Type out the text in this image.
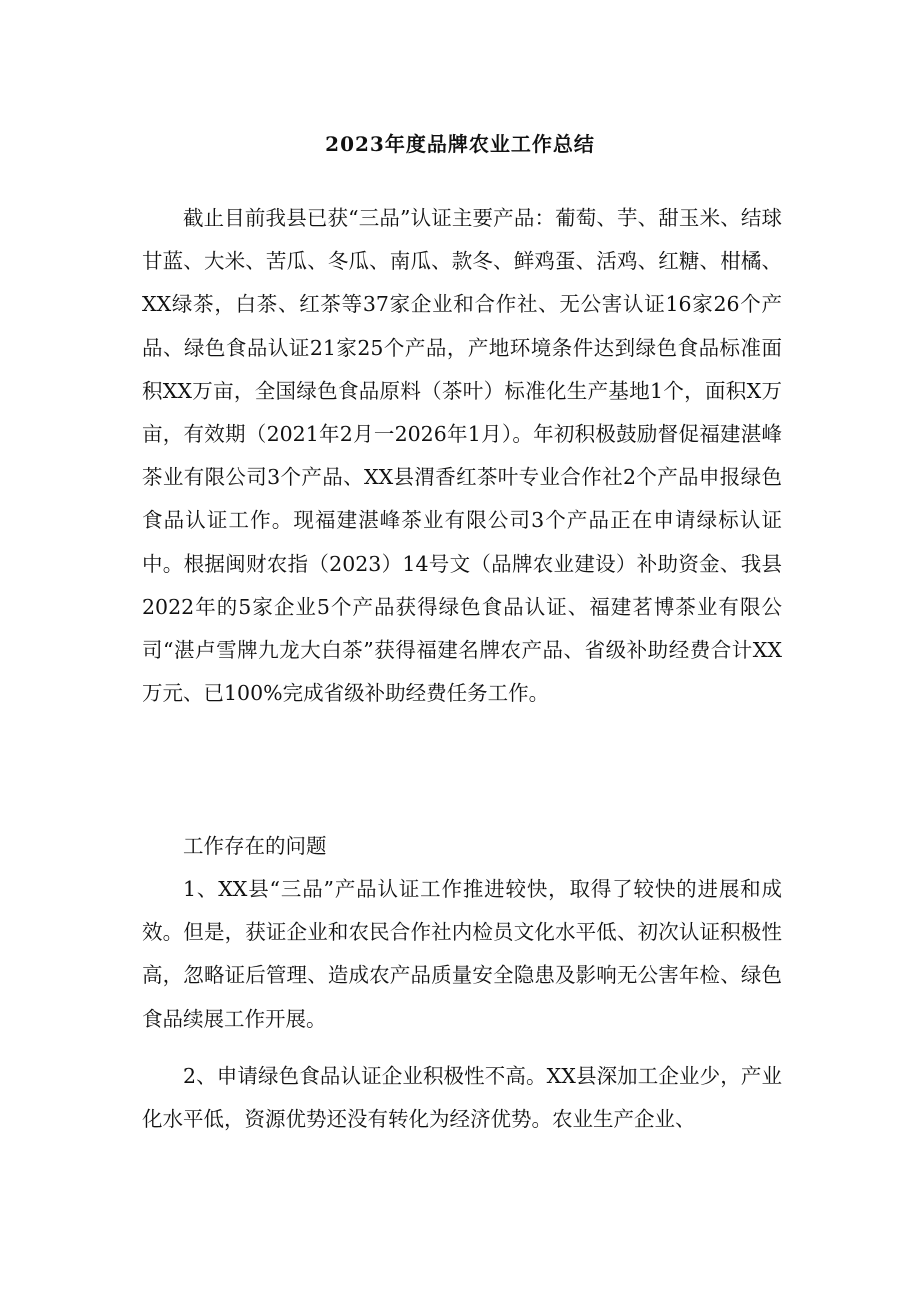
2023年度品牌农业工作总结

截止目前我县已获“三品”认证主要产品：葡萄、芋、甜玉米、结球甘蓝、大米、苦瓜、冬瓜、南瓜、款冬、鲜鸡蛋、活鸡、红糖、柑橘、XX绿茶，白茶、红茶等37家企业和合作社、无公害认证16家26个产品、绿色食品认证21家25个产品，产地环境条件达到绿色食品标准面积XX万亩，全国绿色食品原料（茶叶）标准化生产基地1个，面积X万亩，有效期（2021年2月一2026年1月）。年初积极鼓励督促福建湛峰茶业有限公司3个产品、XX县渭香红茶叶专业合作社2个产品申报绿色食品认证工作。现福建湛峰茶业有限公司3个产品正在申请绿标认证中。根据闽财农指（2023）14号文（品牌农业建设）补助资金、我县2022年的5家企业5个产品获得绿色食品认证、福建茗博茶业有限公司“湛卢雪牌九龙大白茶”获得福建名牌农产品、省级补助经费合计XX万元、已100%完成省级补助经费任务工作。

工作存在的问题

1、XX县“三品”产品认证工作推进较快，取得了较快的进展和成效。但是，获证企业和农民合作社内检员文化水平低、初次认证积极性高，忽略证后管理、造成农产品质量安全隐患及影响无公害年检、绿色食品续展工作开展。

2、申请绿色食品认证企业积极性不高。XX县深加工企业少，产业化水平低，资源优势还没有转化为经济优势。农业生产企业、
